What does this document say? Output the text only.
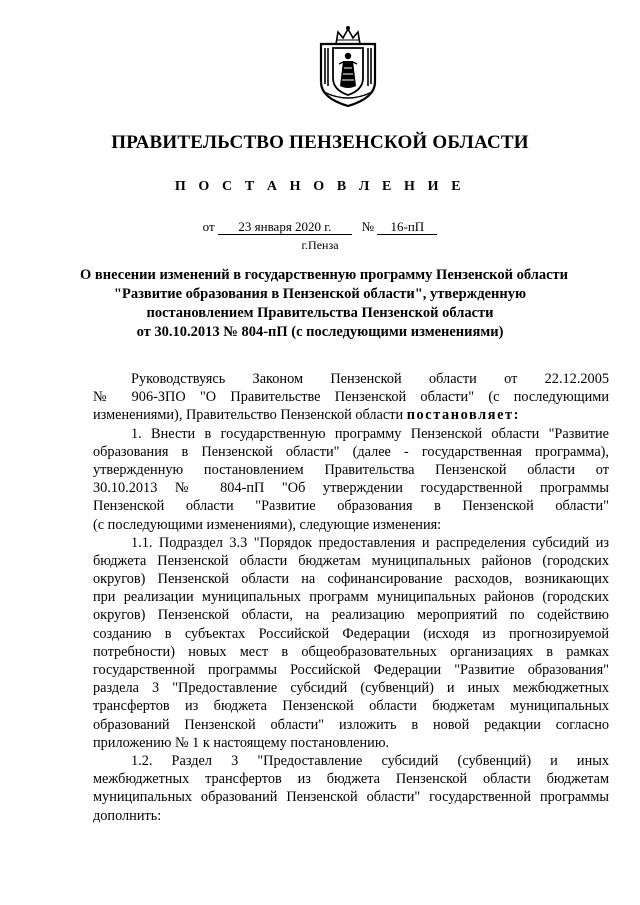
ПРАВИТЕЛЬСТВО ПЕНЗЕНСКОЙ ОБЛАСТИ
П О С Т А Н О В Л Е Н И Е
от 23 января 2020 г. № 16-пП
г.Пенза
О внесении изменений в государственную программу Пензенской области
"Развитие образования в Пензенской области", утвержденную
постановлением Правительства Пензенской области
от 30.10.2013 № 804-пП (с последующими изменениями)
Руководствуясь Законом Пензенской области от 22.12.2005
№ 906-ЗПО "О Правительстве Пензенской области" (с последующими
изменениями), Правительство Пензенской области постановляет:
1. Внести в государственную программу Пензенской области "Развитие
образования в Пензенской области" (далее - государственная программа),
утвержденную постановлением Правительства Пензенской области от
30.10.2013 № 804-пП "Об утверждении государственной программы
Пензенской области "Развитие образования в Пензенской области"
(с последующими изменениями), следующие изменения:
1.1. Подраздел 3.3 "Порядок предоставления и распределения субсидий из
бюджета Пензенской области бюджетам муниципальных районов (городских
округов) Пензенской области на софинансирование расходов, возникающих
при реализации муниципальных программ муниципальных районов (городских
округов) Пензенской области, на реализацию мероприятий по содействию
созданию в субъектах Российской Федерации (исходя из прогнозируемой
потребности) новых мест в общеобразовательных организациях в рамках
государственной программы Российской Федерации "Развитие образования"
раздела 3 "Предоставление субсидий (субвенций) и иных межбюджетных
трансфертов из бюджета Пензенской области бюджетам муниципальных
образований Пензенской области" изложить в новой редакции согласно
приложению № 1 к настоящему постановлению.
1.2. Раздел 3 "Предоставление субсидий (субвенций) и иных
межбюджетных трансфертов из бюджета Пензенской области бюджетам
муниципальных образований Пензенской области" государственной программы
дополнить:
